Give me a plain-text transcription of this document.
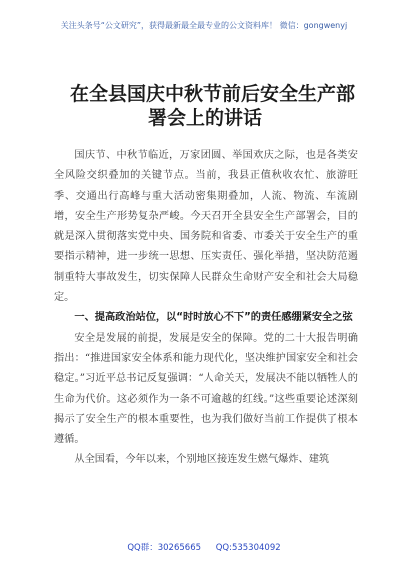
关注头条号“公文研究”，获得最新最全最专业的公文资料库！ 微信：gongwenyj
在全县国庆中秋节前后安全生产部
署会上的讲话

国庆节、中秋节临近，万家团圆、举国欢庆之际，也是各类安全风险交织叠加的关键节点。当前，我县正值秋收农忙、旅游旺季、交通出行高峰与重大活动密集期叠加，人流、物流、车流剧增，安全生产形势复杂严峻。今天召开全县安全生产部署会，目的就是深入贯彻落实党中央、国务院和省委、市委关于安全生产的重要指示精神，进一步统一思想、压实责任、强化举措，坚决防范遏制重特大事故发生，切实保障人民群众生命财产安全和社会大局稳定。

一、提高政治站位，以“时时放心不下”的责任感绷紧安全之弦

安全是发展的前提，发展是安全的保障。党的二十大报告明确指出：“推进国家安全体系和能力现代化，坚决维护国家安全和社会稳定。”习近平总书记反复强调：“人命关天，发展决不能以牺牲人的生命为代价。这必须作为一条不可逾越的红线。”这些重要论述深刻揭示了安全生产的根本重要性，也为我们做好当前工作提供了根本遵循。

从全国看，今年以来，个别地区接连发生燃气爆炸、建筑

QQ群：30265665 QQ:535304092
